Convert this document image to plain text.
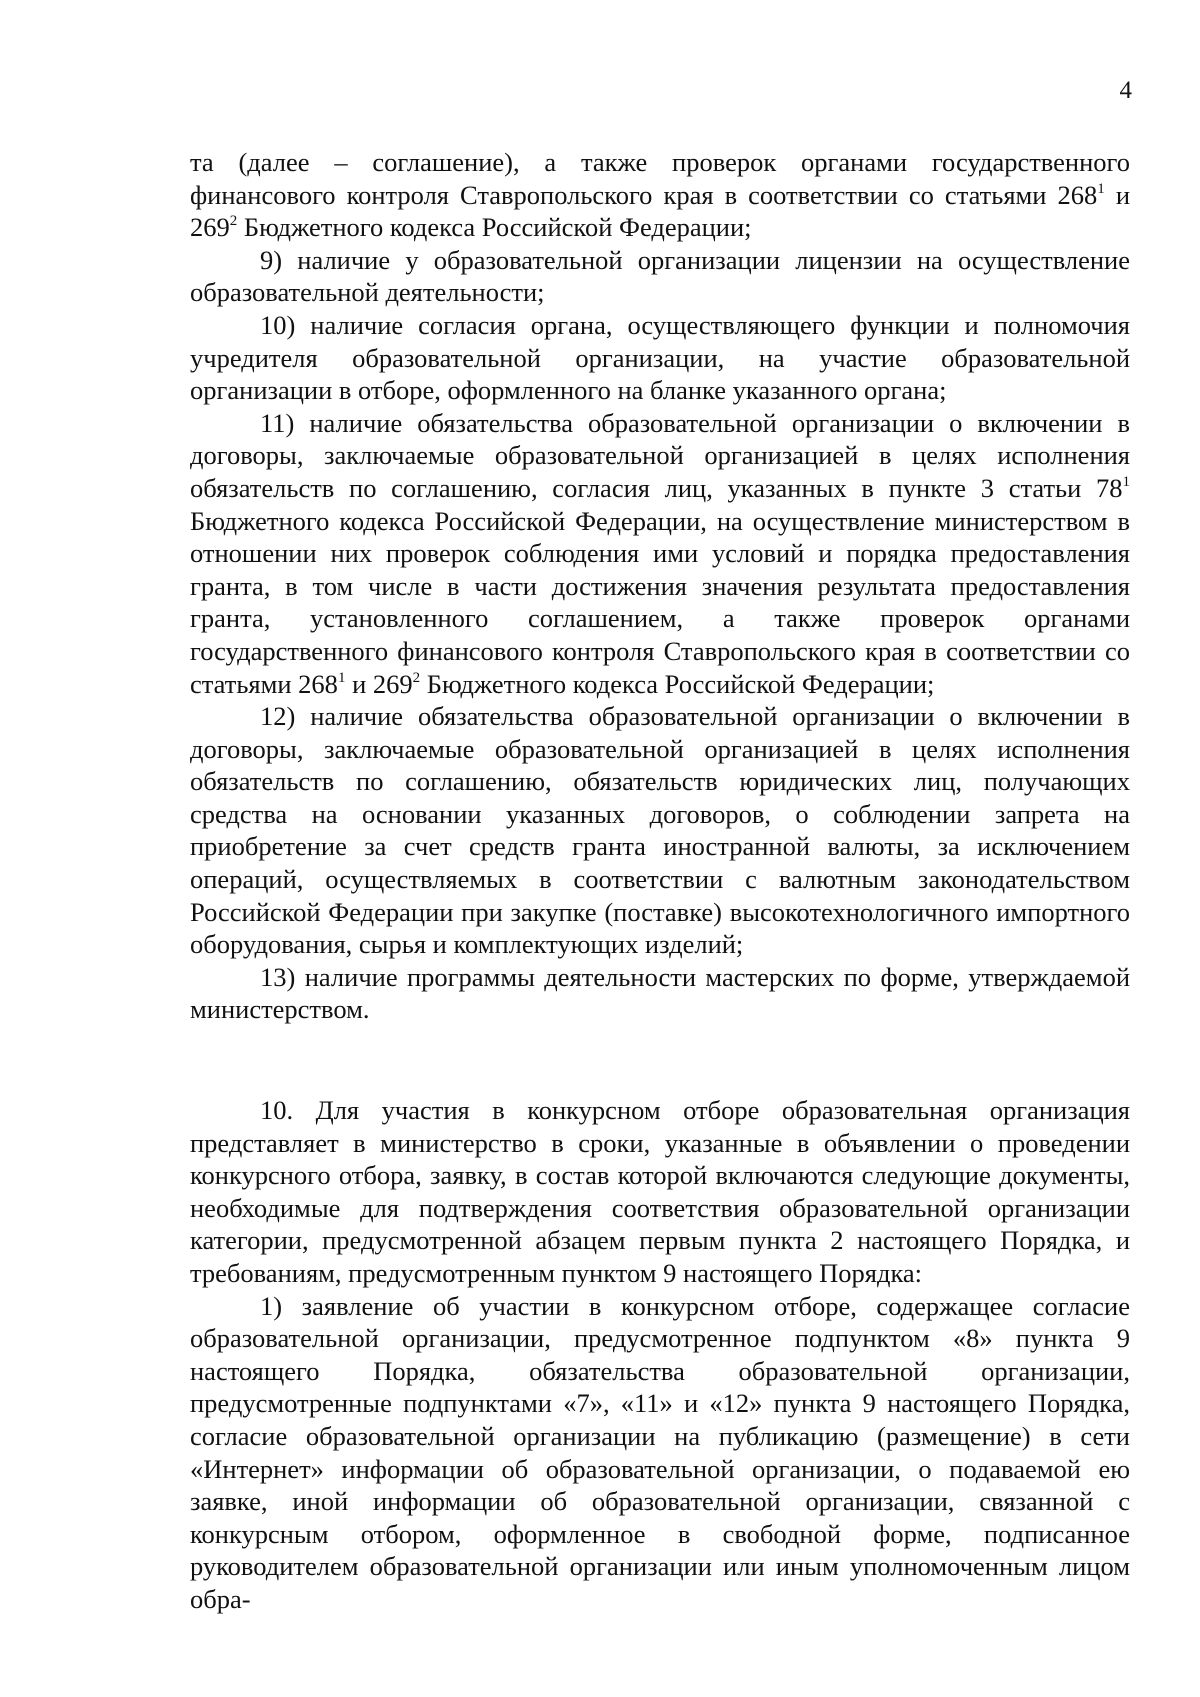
4

та (далее – соглашение), а также проверок органами государственного финансового контроля Ставропольского края в соответствии со статьями $268^1$ и $269^2$ Бюджетного кодекса Российской Федерации;

9) наличие у образовательной организации лицензии на осуществление образовательной деятельности;

10) наличие согласия органа, осуществляющего функции и полномочия учредителя образовательной организации, на участие образовательной организации в отборе, оформленного на бланке указанного органа;

11) наличие обязательства образовательной организации о включении в договоры, заключаемые образовательной организацией в целях исполнения обязательств по соглашению, согласия лиц, указанных в пункте 3 статьи $78^1$ Бюджетного кодекса Российской Федерации, на осуществление министерством в отношении них проверок соблюдения ими условий и порядка предоставления гранта, в том числе в части достижения значения результата предоставления гранта, установленного соглашением, а также проверок органами государственного финансового контроля Ставропольского края в соответствии со статьями $268^1$ и $269^2$ Бюджетного кодекса Российской Федерации;

12) наличие обязательства образовательной организации о включении в договоры, заключаемые образовательной организацией в целях исполнения обязательств по соглашению, обязательств юридических лиц, получающих средства на основании указанных договоров, о соблюдении запрета на приобретение за счет средств гранта иностранной валюты, за исключением операций, осуществляемых в соответствии с валютным законодательством Российской Федерации при закупке (поставке) высокотехнологичного импортного оборудования, сырья и комплектующих изделий;

13) наличие программы деятельности мастерских по форме, утверждаемой министерством.

10. Для участия в конкурсном отборе образовательная организация представляет в министерство в сроки, указанные в объявлении о проведении конкурсного отбора, заявку, в состав которой включаются следующие документы, необходимые для подтверждения соответствия образовательной организации категории, предусмотренной абзацем первым пункта 2 настоящего Порядка, и требованиям, предусмотренным пунктом 9 настоящего Порядка:

1) заявление об участии в конкурсном отборе, содержащее согласие образовательной организации, предусмотренное подпунктом «8» пункта 9 настоящего Порядка, обязательства образовательной организации, предусмотренные подпунктами «7», «11» и «12» пункта 9 настоящего Порядка, согласие образовательной организации на публикацию (размещение) в сети «Интернет» информации об образовательной организации, о подаваемой ею заявке, иной информации об образовательной организации, связанной с конкурсным отбором, оформленное в свободной форме, подписанное руководителем образовательной организации или иным уполномоченным лицом обра-
